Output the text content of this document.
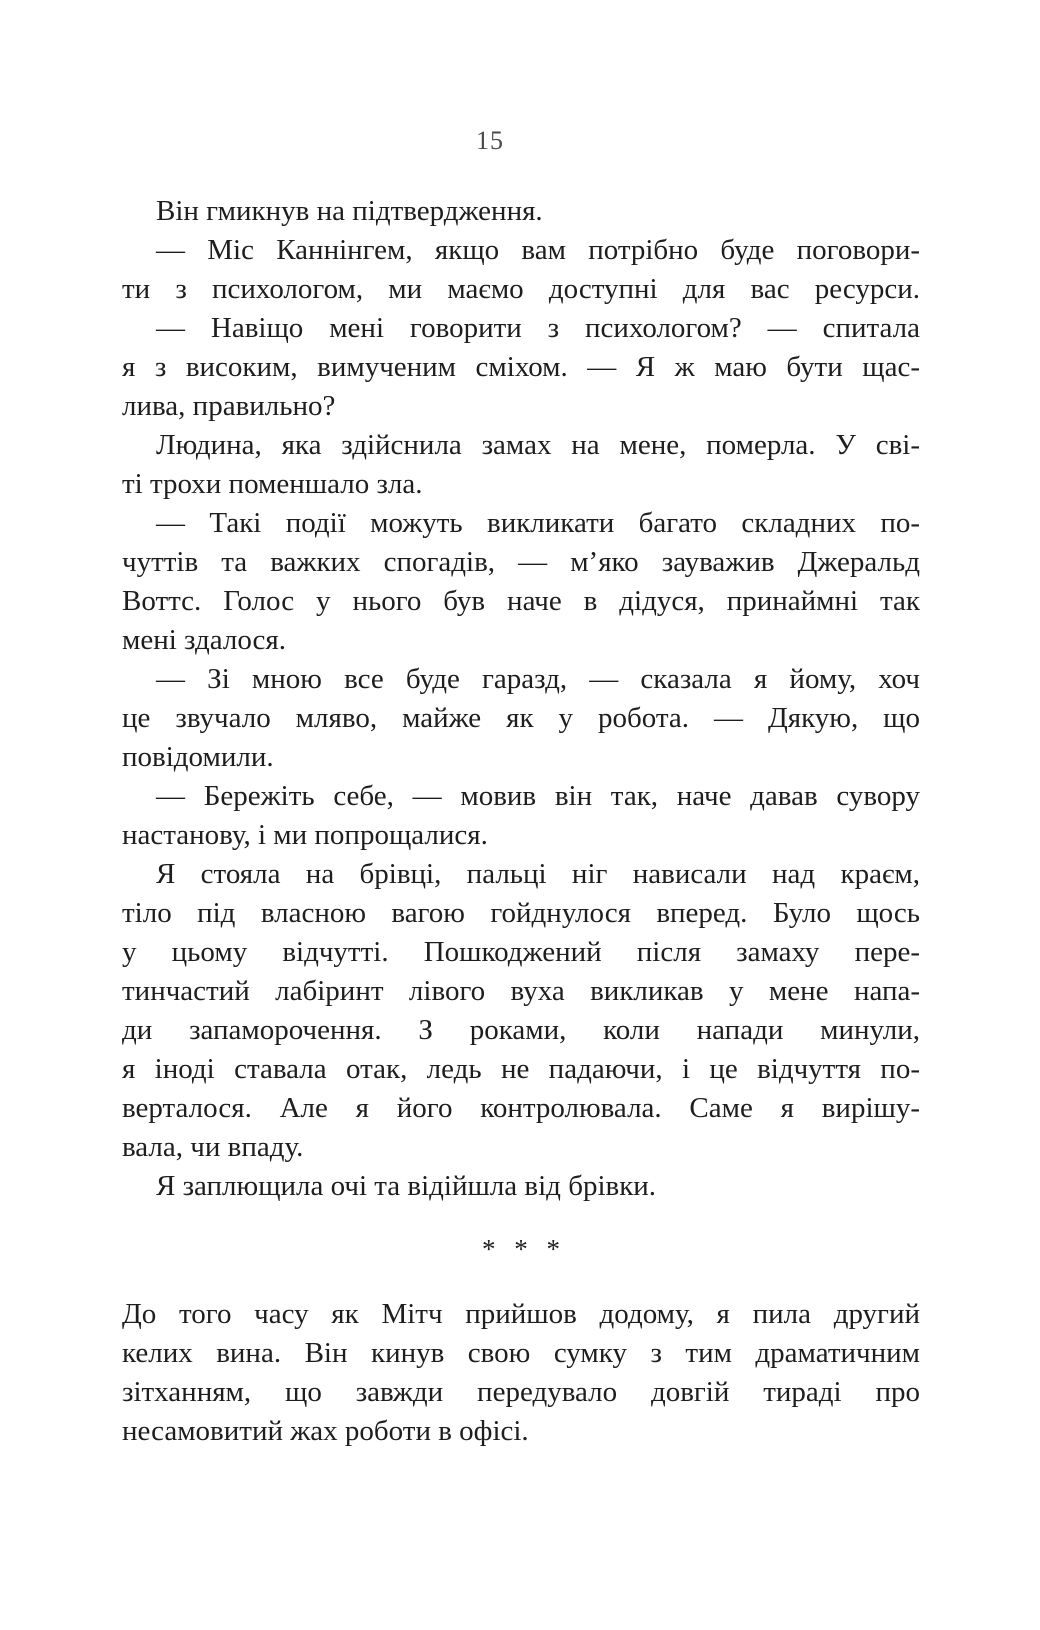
15
Він гмикнув на підтвердження.
— Міс Каннінгем, якщо вам потрібно буде поговори-
ти з психологом, ми маємо доступні для вас ресурси.
— Навіщо мені говорити з психологом? — спитала
я з високим, вимученим сміхом. — Я ж маю бути щас-
лива, правильно?
Людина, яка здійснила замах на мене, померла. У сві-
ті трохи поменшало зла.
— Такі події можуть викликати багато складних по-
чуттів та важких спогадів, — м’яко зауважив Джеральд
Воттс. Голос у нього був наче в дідуся, принаймні так
мені здалося.
— Зі мною все буде гаразд, — сказала я йому, хоч
це звучало мляво, майже як у робота. — Дякую, що
повідомили.
— Бережіть себе, — мовив він так, наче давав сувору
настанову, і ми попрощалися.
Я стояла на брівці, пальці ніг нависали над краєм,
тіло під власною вагою гойднулося вперед. Було щось
у цьому відчутті. Пошкоджений після замаху пере-
тинчастий лабіринт лівого вуха викликав у мене напа-
ди запаморочення. З роками, коли напади минули,
я іноді ставала отак, ледь не падаючи, і це відчуття по-
верталося. Але я його контролювала. Саме я вирішу-
вала, чи впаду.
Я заплющила очі та відійшла від брівки.
* * *
До того часу як Мітч прийшов додому, я пила другий
келих вина. Він кинув свою сумку з тим драматичним
зітханням, що завжди передувало довгій тираді про
несамовитий жах роботи в офісі.
